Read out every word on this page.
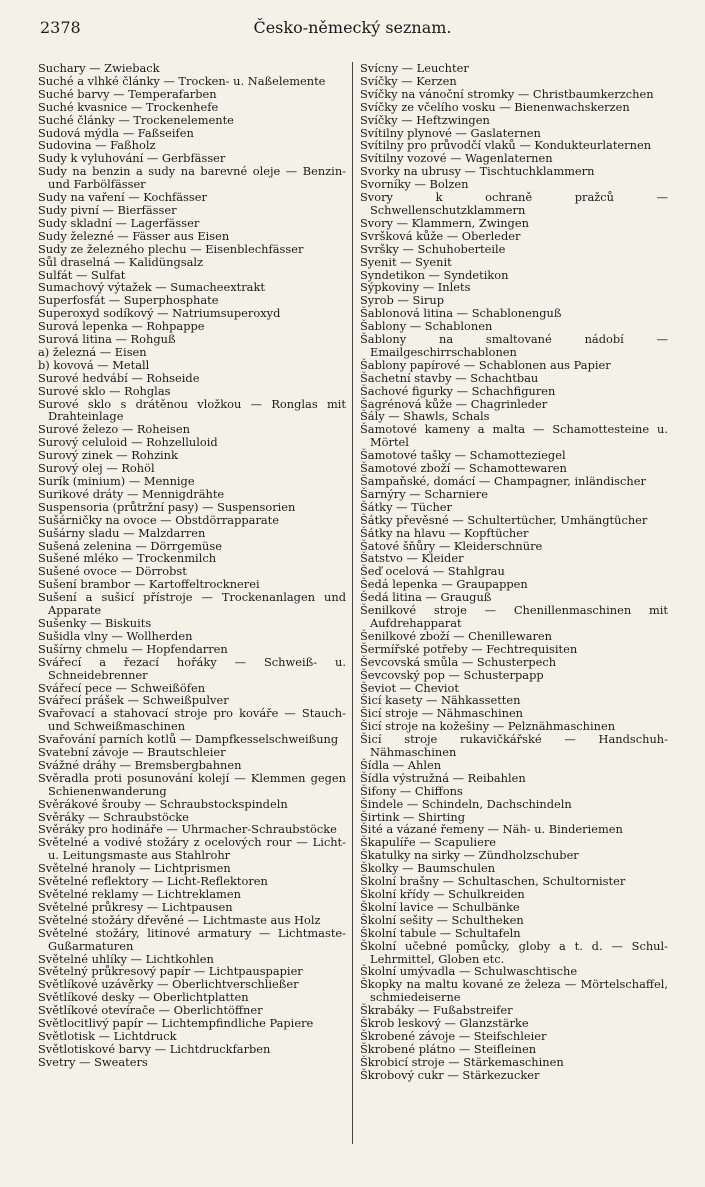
2378	Česko-německý seznam.
Suchary — Zwieback
Suché a vlhké články — Trocken- u. Naßelemente
Suché barvy — Temperafarben
Suché kvasnice — Trockenhefe
Suché články — Trockenelemente
Sudová mýdla — Faßseifen
Sudovina — Faßholz
Sudy k vyluhování — Gerbfässer
Sudy na benzin a sudy na barevné oleje — Benzin- und Farbölfässer
Sudy na vaření — Kochfässer
Sudy pivní — Bierfässer
Sudy skladní — Lagerfässer
Sudy železné — Fässer aus Eisen
Sudy ze železného plechu — Eisenblechfässer
Sůl draselná — Kalidüngsalz
Sulfát — Sulfat
Sumachový výtažek — Sumacheextrakt
Superfosfát — Superphosphate
Superoxyd sodíkový — Natriumsuperoxyd
Surová lepenka — Rohpappe
Surová litina — Rohguß
a) železná — Eisen
b) kovová — Metall
Surové hedvábí — Rohseide
Surové sklo — Rohglas
Surové sklo s drátěnou vložkou — Ronglas mit Drahteinlage
Surové železo — Roheisen
Surový celuloid — Rohzelluloid
Surový zinek — Rohzink
Surový olej — Rohöl
Surík (minium) — Mennige
Surikové dráty — Mennigdrähte
Suspensoria (průtržní pasy) — Suspensorien
Sušárničky na ovoce — Obstdörrapparate
Sušárny sladu — Malzdarren
Sušená zelenina — Dörrgemüse
Sušené mléko — Trockenmilch
Sušené ovoce — Dörrobst
Sušení brambor — Kartoffeltrocknerei
Sušení a sušicí přístroje — Trockenanlagen und Apparate
Sušenky — Biskuits
Sušidla vlny — Wollherden
Sušírny chmelu — Hopfendarren
Svářecí a řezací hořáky — Schweiß- u. Schneidebrenner
Svářecí pece — Schweißöfen
Svářecí prášek — Schweißpulver
Svařovací a stahovací stroje pro kováře — Stauch- und Schweißmaschinen
Svařování parních kotlů — Dampfkesselschweißung
Svatební závoje — Brautschleier
Svážné dráhy — Bremsbergbahnen
Svěradla proti posunování kolejí — Klemmen gegen Schienenwanderung
Svěrákové šrouby — Schraubstockspindeln
Svěráky — Schraubstöcke
Svěráky pro hodináře — Uhrmacher-Schraubstöcke
Světelné a vodivé stožáry z ocelových rour — Licht- u. Leitungsmaste aus Stahlrohr
Světelné hranoly — Lichtprismen
Světelné reflektory — Licht-Reflektoren
Světelné reklamy — Lichtreklamen
Světelné průkresy — Lichtpausen
Světelné stožáry dřevěné — Lichtmaste aus Holz
Světelné stožáry, litinové armatury — Lichtmaste-Gußarmaturen
Světelné uhlíky — Lichtkohlen
Světelný průkresový papír — Lichtpauspapier
Světlíkové uzávěrky — Oberlichtverschließer
Světlíkové desky — Oberlichtplatten
Světlíkové otevírače — Oberlichtöffner
Světlocitlivý papír — Lichtempfindliche Papiere
Světlotisk — Lichtdruck
Světlotiskové barvy — Lichtdruckfarben
Svetry — Sweaters
Svícny — Leuchter
Svíčky — Kerzen
Svíčky na vánoční stromky — Christbaumkerzchen
Svíčky ze včelího vosku — Bienenwachskerzen
Svíčky — Heftzwingen
Svítilny plynové — Gaslaternen
Svítilny pro průvodčí vlaků — Kondukteurlaternen
Svítilny vozové — Wagenlaternen
Svorky na ubrusy — Tischtuchklammern
Svorníky — Bolzen
Svory k ochraně pražců — Schwellenschutzklammern
Svory — Klammern, Zwingen
Svršková kůže — Oberleder
Svršky — Schuhoberteile
Syenit — Syenit
Syndetikon — Syndetikon
Sýpkoviny — Inlets
Syrob — Sirup
Šablonová litina — Schablonenguß
Šablony — Schablonen
Šablony na smaltované nádobí — Emailgeschirrschablonen
Šablony papírové — Schablonen aus Papier
Šachetní stavby — Schachtbau
Šachové figurky — Schachfiguren
Šagrénová kůže — Chagrinleder
Šály — Shawls, Schals
Šamotové kameny a malta — Schamottesteine u. Mörtel
Šamotové tašky — Schamotteziegel
Šamotové zboží — Schamottewaren
Šampaňské, domácí — Champagner, inländischer
Šarnýry — Scharniere
Šátky — Tücher
Šátky převěsné — Schultertücher, Umhängtücher
Šátky na hlavu — Kopftücher
Šatové šňůry — Kleiderschnüre
Šatstvo — Kleider
Šeď ocelová — Stahlgrau
Šedá lepenka — Graupappen
Šedá litina — Grauguß
Šenilkové stroje — Chenillenmaschinen mit Aufdrehapparat
Šenilkové zboží — Chenillewaren
Šermířské potřeby — Fechtrequisiten
Ševcovská smůla — Schusterpech
Ševcovský pop — Schusterpapp
Ševiot — Cheviot
Šicí kasety — Nähkassetten
Šicí stroje — Nähmaschinen
Šicí stroje na kožešiny — Pelznähmaschinen
Šicí stroje rukavičkářské — Handschuh-Nähmaschinen
Šídla — Ahlen
Šídla výstružná — Reibahlen
Šifony — Chiffons
Šindele — Schindeln, Dachschindeln
Širtink — Shirting
Šité a vázané řemeny — Näh- u. Binderiemen
Škapulíře — Scapuliere
Škatulky na sirky — Zündholzschuber
Školky — Baumschulen
Školní brašny — Schultaschen, Schultornister
Školní křídy — Schulkreiden
Školní lavice — Schulbänke
Školní sešity — Schultheken
Školní tabule — Schultafeln
Školní učebné pomůcky, globy a t. d. — Schul-Lehrmittel, Globen etc.
Školní umývadla — Schulwaschtische
Škopky na maltu kované ze železa — Mörtelschaffel, schmiedeiserne
Škrabáky — Fußabstreifer
Škrob leskový — Glanzstärke
Škrobené závoje — Steifschleier
Škrobené plátno — Steifleinen
Škrobicí stroje — Stärkemaschinen
Škrobový cukr — Stärkezucker
